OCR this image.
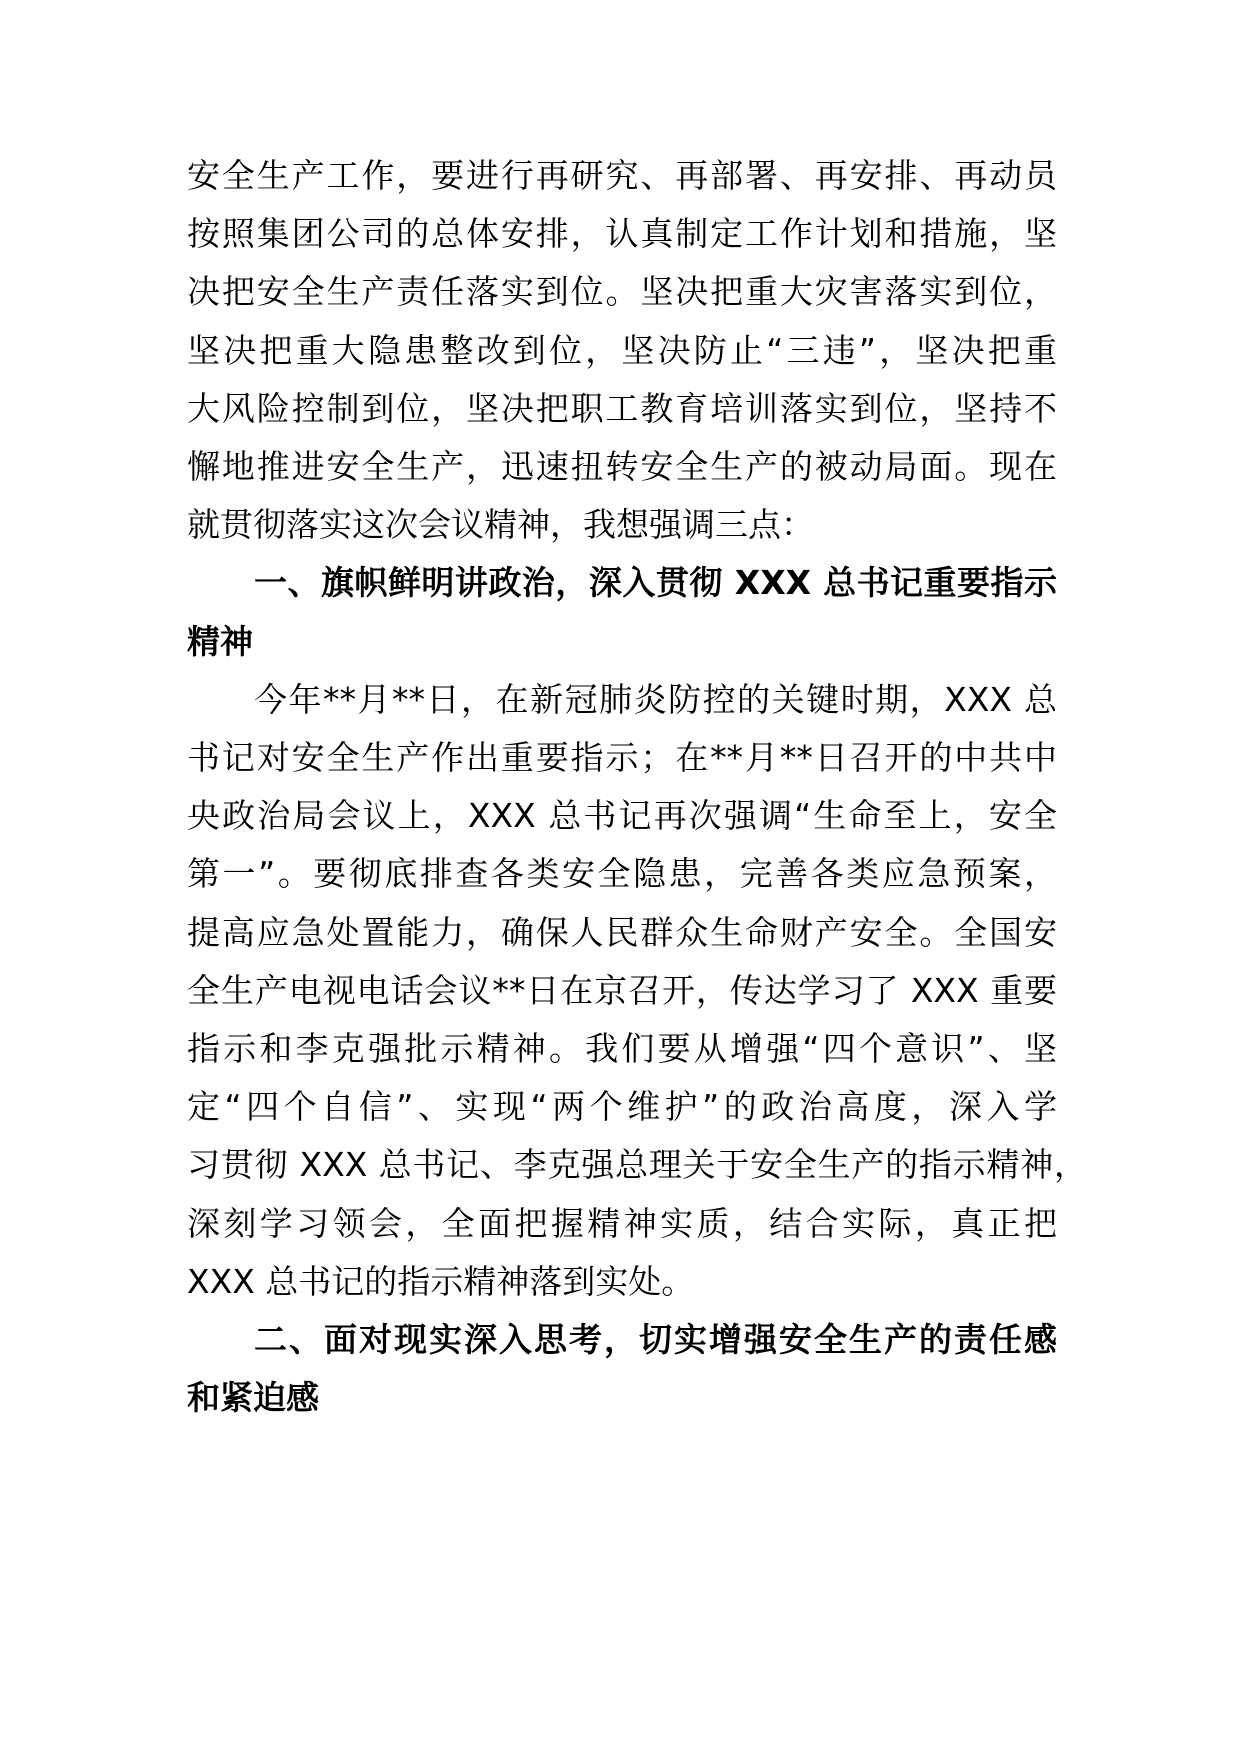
安全生产工作，要进行再研究、再部署、再安排、再动员
按照集团公司的总体安排，认真制定工作计划和措施，坚
决把安全生产责任落实到位。坚决把重大灾害落实到位，
坚决把重大隐患整改到位，坚决防止“三违”，坚决把重
大风险控制到位，坚决把职工教育培训落实到位，坚持不
懈地推进安全生产，迅速扭转安全生产的被动局面。现在
就贯彻落实这次会议精神，我想强调三点：
一、旗帜鲜明讲政治，深入贯彻 XXX 总书记重要指示
精神
今年**月**日，在新冠肺炎防控的关键时期，XXX 总
书记对安全生产作出重要指示；在**月**日召开的中共中
央政治局会议上，XXX 总书记再次强调“生命至上，安全
第一”。要彻底排查各类安全隐患，完善各类应急预案，
提高应急处置能力，确保人民群众生命财产安全。全国安
全生产电视电话会议**日在京召开，传达学习了 XXX 重要
指示和李克强批示精神。我们要从增强“四个意识”、坚
定“四个自信”、实现“两个维护”的政治高度，深入学
习贯彻 XXX 总书记、李克强总理关于安全生产的指示精神，
深刻学习领会，全面把握精神实质，结合实际，真正把
XXX 总书记的指示精神落到实处。
二、面对现实深入思考，切实增强安全生产的责任感
和紧迫感
